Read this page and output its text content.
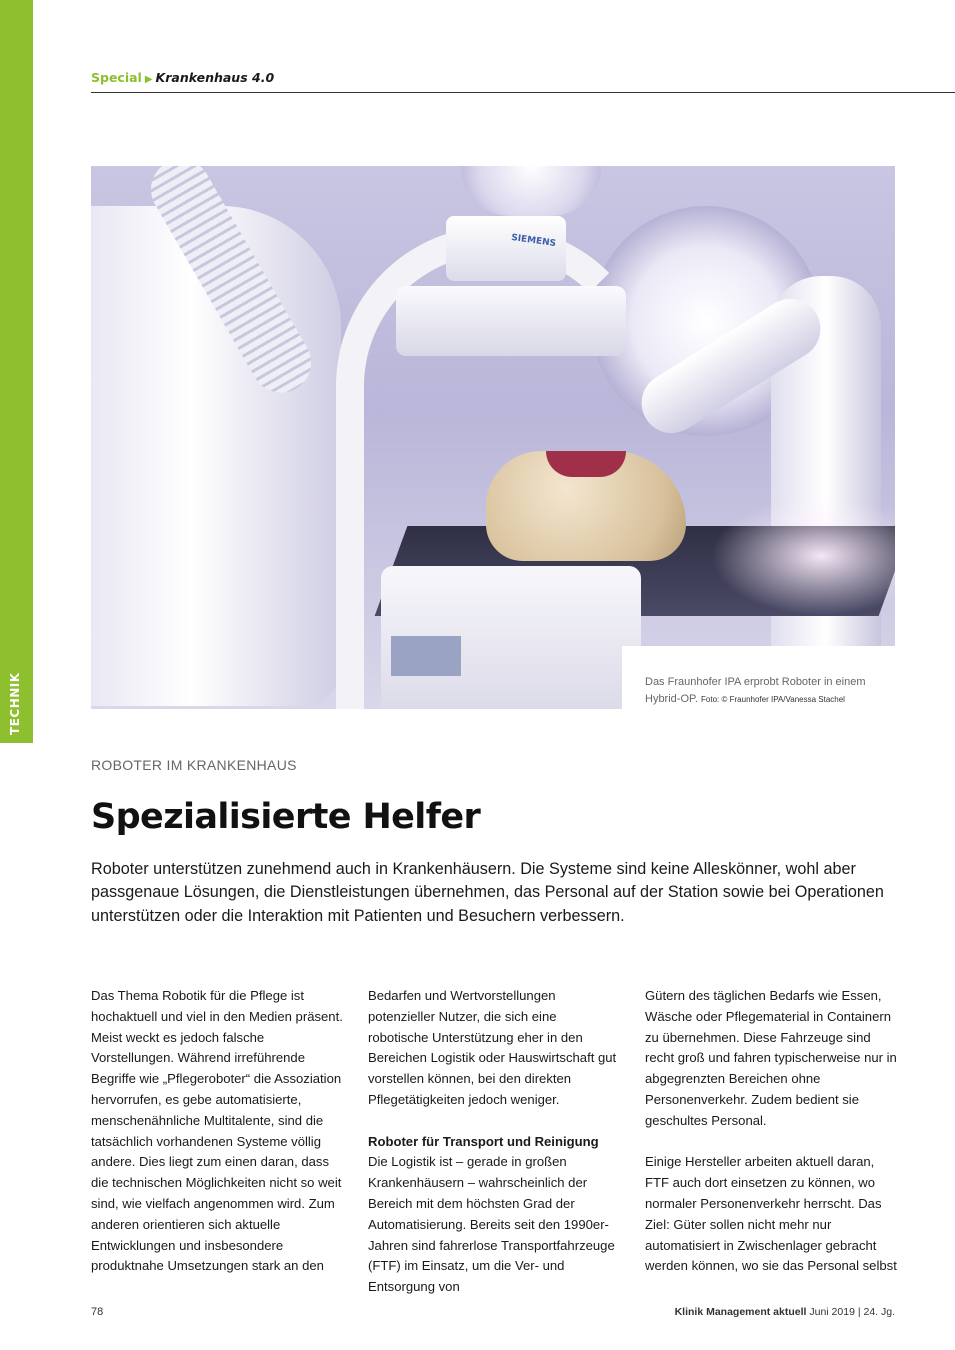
TECHNIK
Special ▶ Krankenhaus 4.0
SIEMENS
Das Fraunhofer IPA erprobt Roboter in einem Hybrid-OP. Foto: © Fraunhofer IPA/Vanessa Stachel
ROBOTER IM KRANKENHAUS
Spezialisierte Helfer
Roboter unterstützen zunehmend auch in Krankenhäusern. Die Systeme sind keine Alleskönner, wohl aber passgenaue Lösungen, die Dienstleistungen übernehmen, das Personal auf der Station sowie bei Operationen unterstützen oder die Interaktion mit Patienten und Besuchern verbessern.

Das Thema Robotik für die Pflege ist hochaktuell und viel in den Medien präsent. Meist weckt es jedoch falsche Vorstellungen. Während irreführende Begriffe wie „Pflegeroboter“ die Assoziation hervorrufen, es gebe automatisierte, menschenähnliche Multitalente, sind die tatsächlich vorhandenen Systeme völlig andere. Dies liegt zum einen daran, dass die technischen Möglichkeiten nicht so weit sind, wie vielfach angenommen wird. Zum anderen orientieren sich aktuelle Entwicklungen und insbesondere produktnahe Umsetzungen stark an den

Bedarfen und Wertvorstellungen potenzieller Nutzer, die sich eine robotische Unterstützung eher in den Bereichen Logistik oder Hauswirtschaft gut vorstellen können, bei den direkten Pflegetätigkeiten jedoch weniger.

Roboter für Transport und Reinigung

Die Logistik ist – gerade in großen Krankenhäusern – wahrscheinlich der Bereich mit dem höchsten Grad der Automatisierung. Bereits seit den 1990er-Jahren sind fahrerlose Transportfahrzeuge (FTF) im Einsatz, um die Ver- und Entsorgung von

Gütern des täglichen Bedarfs wie Essen, Wäsche oder Pflegematerial in Containern zu übernehmen. Diese Fahrzeuge sind recht groß und fahren typischerweise nur in abgegrenzten Bereichen ohne Personenverkehr. Zudem bedient sie geschultes Personal.

Einige Hersteller arbeiten aktuell daran, FTF auch dort einsetzen zu können, wo normaler Personenverkehr herrscht. Das Ziel: Güter sollen nicht mehr nur automatisiert in Zwischenlager gebracht werden können, wo sie das Personal selbst

78	Klinik Management aktuell Juni 2019 | 24. Jg.
